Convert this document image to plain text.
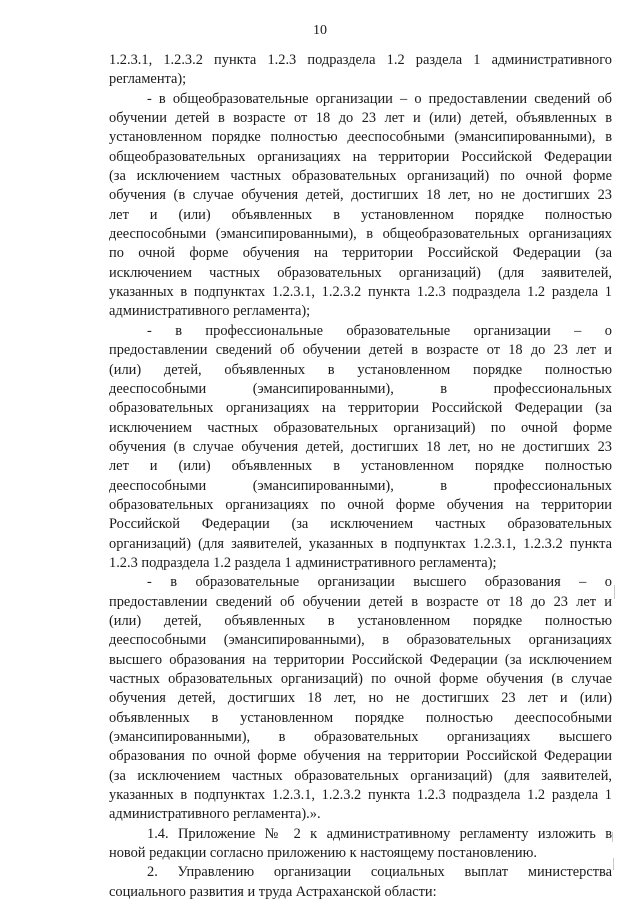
10
1.2.3.1, 1.2.3.2 пункта 1.2.3 подраздела 1.2 раздела 1 административного
регламента);
- в общеобразовательные организации – о предоставлении сведений об
обучении детей в возрасте от 18 до 23 лет и (или) детей, объявленных в
установленном порядке полностью дееспособными (эмансипированными), в
общеобразовательных организациях на территории Российской Федерации
(за исключением частных образовательных организаций) по очной форме
обучения (в случае обучения детей, достигших 18 лет, но не достигших 23
лет и (или) объявленных в установленном порядке полностью
дееспособными (эмансипированными), в общеобразовательных организациях
по очной форме обучения на территории Российской Федерации (за
исключением частных образовательных организаций) (для заявителей,
указанных в подпунктах 1.2.3.1, 1.2.3.2 пункта 1.2.3 подраздела 1.2 раздела 1
административного регламента);
- в профессиональные образовательные организации – о
предоставлении сведений об обучении детей в возрасте от 18 до 23 лет и
(или) детей, объявленных в установленном порядке полностью
дееспособными (эмансипированными), в профессиональных
образовательных организациях на территории Российской Федерации (за
исключением частных образовательных организаций) по очной форме
обучения (в случае обучения детей, достигших 18 лет, но не достигших 23
лет и (или) объявленных в установленном порядке полностью
дееспособными (эмансипированными), в профессиональных
образовательных организациях по очной форме обучения на территории
Российской Федерации (за исключением частных образовательных
организаций) (для заявителей, указанных в подпунктах 1.2.3.1, 1.2.3.2 пункта
1.2.3 подраздела 1.2 раздела 1 административного регламента);
- в образовательные организации высшего образования – о
предоставлении сведений об обучении детей в возрасте от 18 до 23 лет и
(или) детей, объявленных в установленном порядке полностью
дееспособными (эмансипированными), в образовательных организациях
высшего образования на территории Российской Федерации (за исключением
частных образовательных организаций) по очной форме обучения (в случае
обучения детей, достигших 18 лет, но не достигших 23 лет и (или)
объявленных в установленном порядке полностью дееспособными
(эмансипированными), в образовательных организациях высшего
образования по очной форме обучения на территории Российской Федерации
(за исключением частных образовательных организаций) (для заявителей,
указанных в подпунктах 1.2.3.1, 1.2.3.2 пункта 1.2.3 подраздела 1.2 раздела 1
административного регламента).».
1.4. Приложение № 2 к административному регламенту изложить в
новой редакции согласно приложению к настоящему постановлению.
2. Управлению организации социальных выплат министерства
социального развития и труда Астраханской области:
